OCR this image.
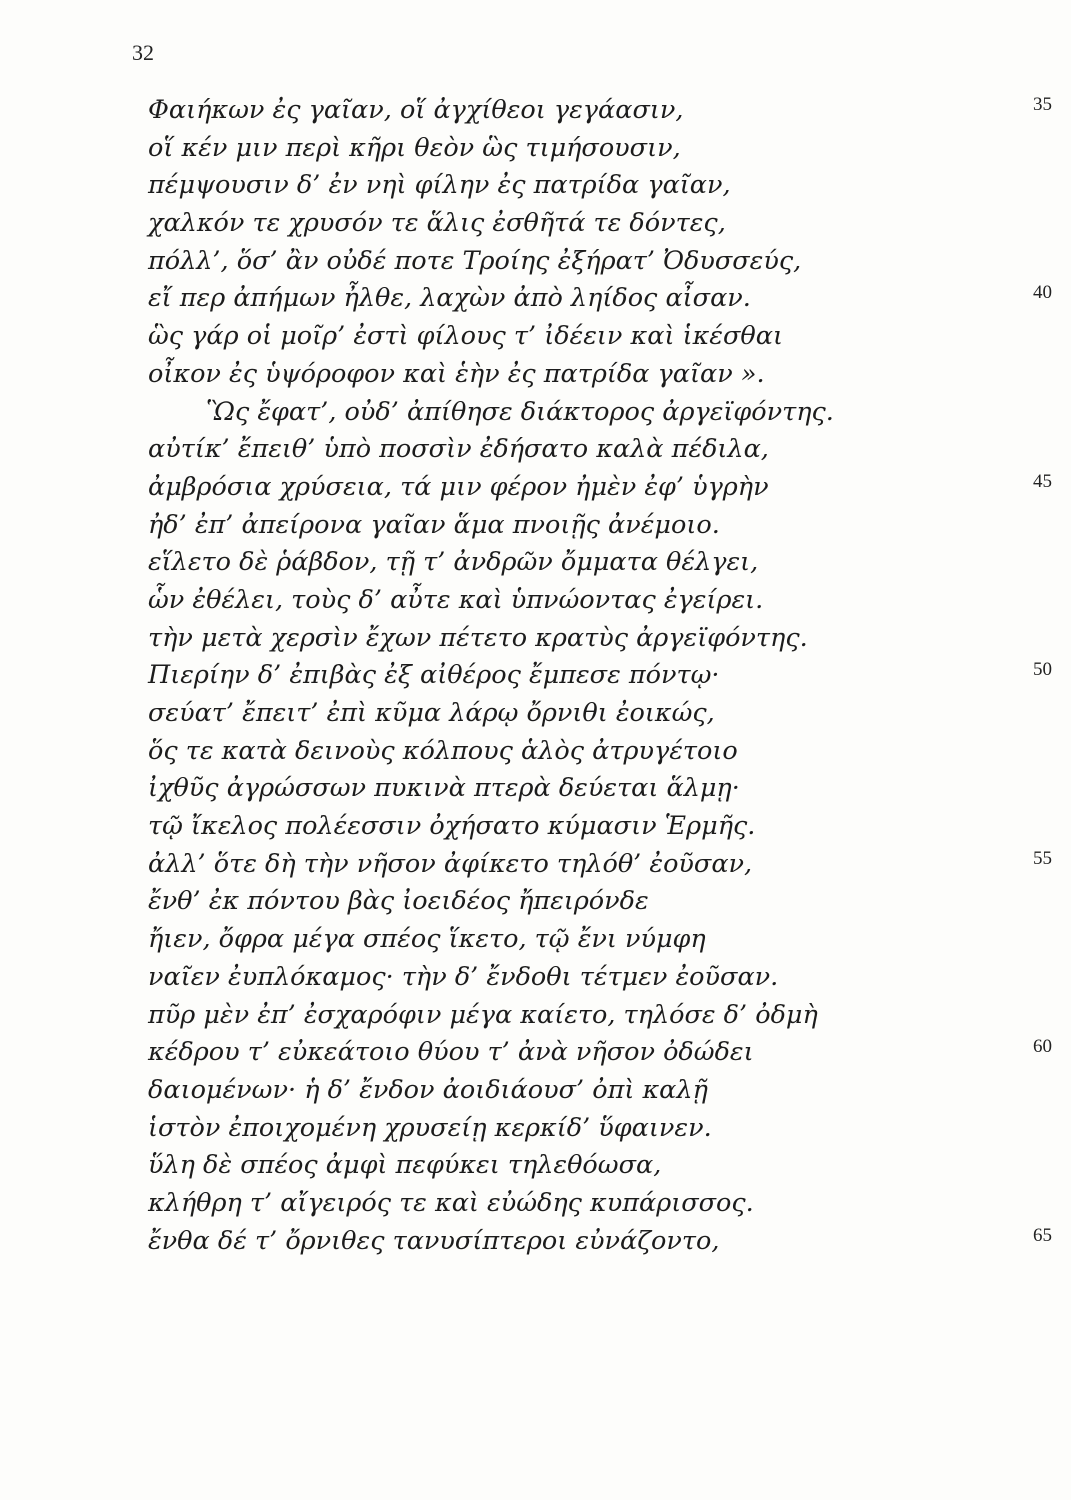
32
Φαιήκων ἐς γαῖαν, οἵ ἀγχίθεοι γεγάασιν,	35
οἵ κέν μιν περὶ κῆρι θεὸν ὣς τιμήσουσιν,
πέμψουσιν δ’ ἐν νηὶ φίλην ἐς πατρίδα γαῖαν,
χαλκόν τε χρυσόν τε ἅλις ἐσθῆτά τε δόντες,
πόλλ’, ὅσ’ ἂν οὐδέ ποτε Τροίης ἐξήρατ’ Ὀδυσσεύς,
εἴ περ ἀπήμων ἦλθε, λαχὼν ἀπὸ ληίδος αἶσαν.	40
ὣς γάρ οἱ μοῖρ’ ἐστὶ φίλους τ’ ἰδέειν καὶ ἱκέσθαι
οἶκον ἐς ὑψόροφον καὶ ἑὴν ἐς πατρίδα γαῖαν ».
Ὣς ἔφατ’, οὐδ’ ἀπίθησε διάκτορος ἀργεϊφόντης.
αὐτίκ’ ἔπειθ’ ὑπὸ ποσσὶν ἐδήσατο καλὰ πέδιλα,
ἀμβρόσια χρύσεια, τά μιν φέρον ἠμὲν ἐφ’ ὑγρὴν	45
ἠδ’ ἐπ’ ἀπείρονα γαῖαν ἅμα πνοιῇς ἀνέμοιο.
εἵλετο δὲ ῥάβδον, τῇ τ’ ἀνδρῶν ὄμματα θέλγει,
ὧν ἐθέλει, τοὺς δ’ αὖτε καὶ ὑπνώοντας ἐγείρει.
τὴν μετὰ χερσὶν ἔχων πέτετο κρατὺς ἀργεϊφόντης.
Πιερίην δ’ ἐπιβὰς ἐξ αἰθέρος ἔμπεσε πόντῳ·	50
σεύατ’ ἔπειτ’ ἐπὶ κῦμα λάρῳ ὄρνιθι ἐοικώς,
ὅς τε κατὰ δεινοὺς κόλπους ἁλὸς ἀτρυγέτοιο
ἰχθῦς ἀγρώσσων πυκινὰ πτερὰ δεύεται ἅλμῃ·
τῷ ἴκελος πολέεσσιν ὀχήσατο κύμασιν Ἑρμῆς.
ἀλλ’ ὅτε δὴ τὴν νῆσον ἀφίκετο τηλόθ’ ἐοῦσαν,	55
ἔνθ’ ἐκ πόντου βὰς ἰοειδέος ἤπειρόνδε
ἤιεν, ὄφρα μέγα σπέος ἵκετο, τῷ ἔνι νύμφη
ναῖεν ἐυπλόκαμος· τὴν δ’ ἔνδοθι τέτμεν ἐοῦσαν.
πῦρ μὲν ἐπ’ ἐσχαρόφιν μέγα καίετο, τηλόσε δ’ ὀδμὴ
κέδρου τ’ εὐκεάτοιο θύου τ’ ἀνὰ νῆσον ὀδώδει	60
δαιομένων· ἡ δ’ ἔνδον ἀοιδιάουσ’ ὀπὶ καλῇ
ἱστὸν ἐποιχομένη χρυσείῃ κερκίδ’ ὕφαινεν.
ὕλη δὲ σπέος ἀμφὶ πεφύκει τηλεθόωσα,
κλήθρη τ’ αἴγειρός τε καὶ εὐώδης κυπάρισσος.
ἔνθα δέ τ’ ὄρνιθες τανυσίπτεροι εὐνάζοντο,	65
